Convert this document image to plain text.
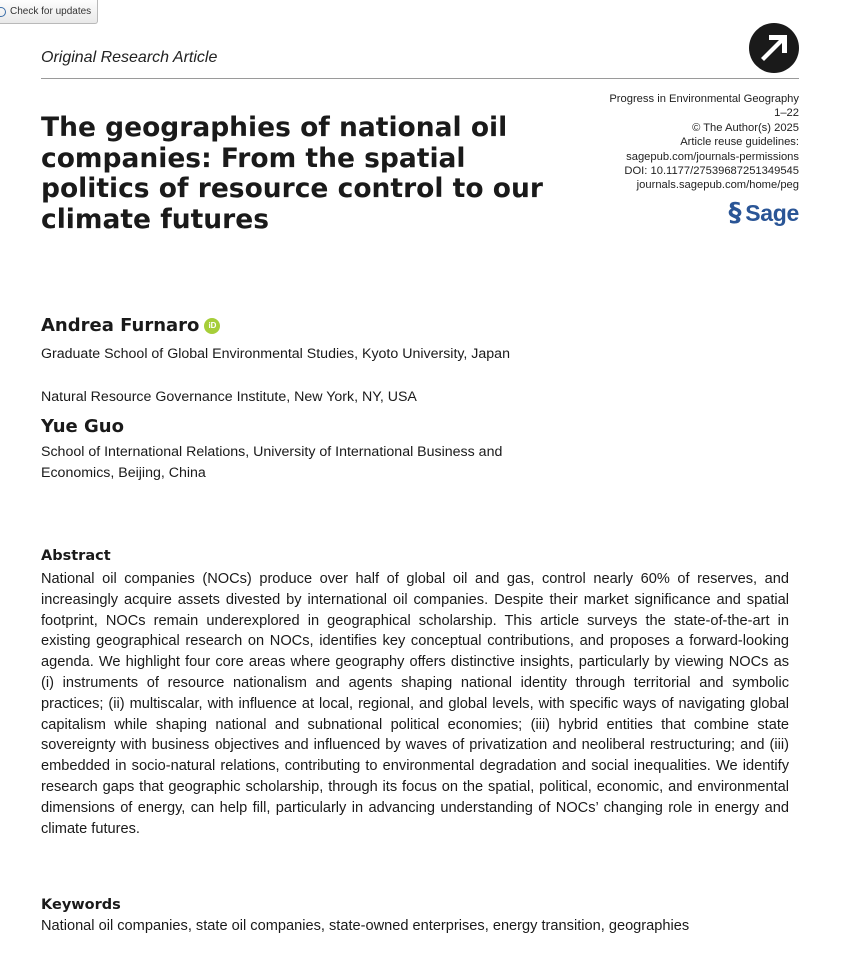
Check for updates
Original Research Article
Progress in Environmental Geography
1–22
© The Author(s) 2025
Article reuse guidelines:
sagepub.com/journals-permissions
DOI: 10.1177/27539687251349545
journals.sagepub.com/home/peg
§ Sage
The geographies of national oil companies: From the spatial politics of resource control to our climate futures
Andrea Furnaro	iD
Graduate School of Global Environmental Studies, Kyoto University, Japan
Natural Resource Governance Institute, New York, NY, USA
Yue Guo
School of International Relations, University of International Business and Economics, Beijing, China
Abstract

National oil companies (NOCs) produce over half of global oil and gas, control nearly 60% of reserves, and increasingly acquire assets divested by international oil companies. Despite their market significance and spatial footprint, NOCs remain underexplored in geographical scholarship. This article surveys the state-of-the-art in existing geographical research on NOCs, identifies key conceptual contributions, and proposes a forward-looking agenda. We highlight four core areas where geography offers distinctive insights, particularly by viewing NOCs as (i) instruments of resource nationalism and agents shaping national identity through territorial and symbolic practices; (ii) multiscalar, with influence at local, regional, and global levels, with specific ways of navigating global capitalism while shaping national and subnational political economies; (iii) hybrid entities that combine state sovereignty with business objectives and influenced by waves of privatization and neoliberal restructuring; and (iii) embedded in socio-natural relations, contributing to environmental degradation and social inequalities. We identify research gaps that geographic scholarship, through its focus on the spatial, political, economic, and environmental dimensions of energy, can help fill, particularly in advancing understanding of NOCs’ changing role in energy and climate futures.

Keywords
National oil companies, state oil companies, state-owned enterprises, energy transition, geographies
